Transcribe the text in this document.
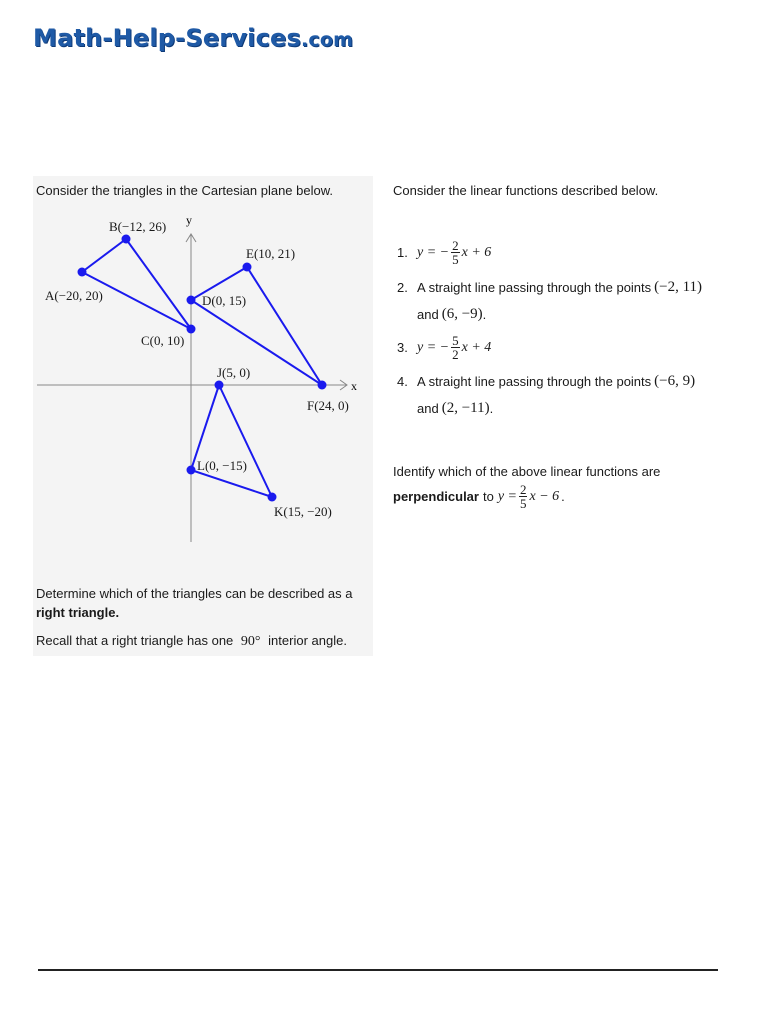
Math-Help-Services.com
Consider the triangles in the Cartesian plane below.
x
y
A(−20, 20)
B(−12, 26)
C(0, 10)
D(0, 15)
E(10, 21)
F(24, 0)
J(5, 0)
K(15, −20)
L(0, −15)
Determine which of the triangles can be described as a
right triangle.
Recall that a right triangle has one 90° interior angle.
Consider the linear functions described below.
1. y = − $\frac{2}{5}$ x + 6
2. A straight line passing through the points (−2, 11)
and (6, −9) .
3. y = − $\frac{5}{2}$ x + 4
4. A straight line passing through the points (−6, 9)
and (2, −11) .
Identify which of the above linear functions are
perpendicular to $y = \frac{2}{5}$ x − 6 .
